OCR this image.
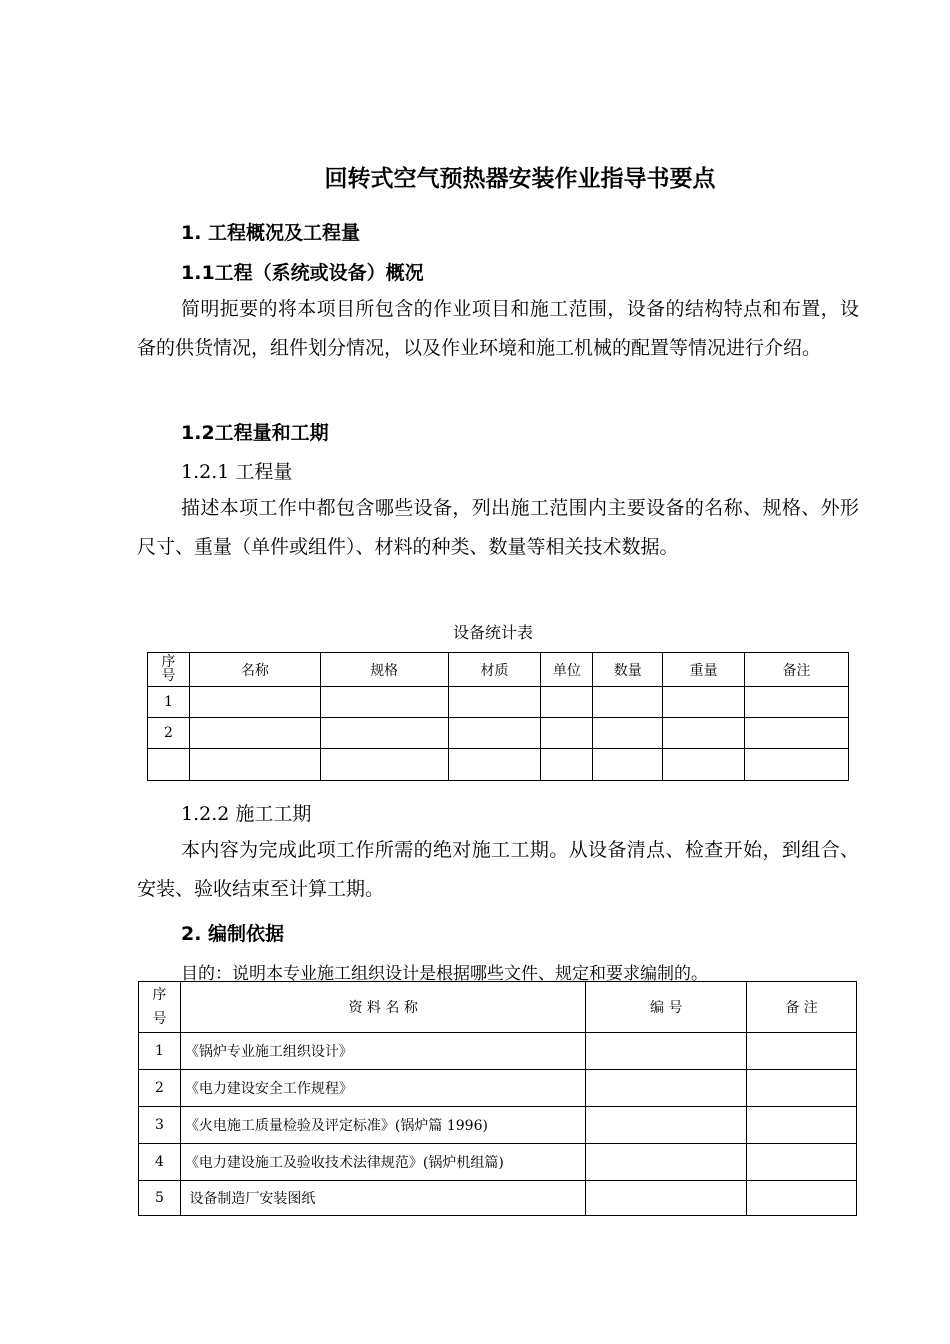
回转式空气预热器安装作业指导书要点
1. 工程概况及工程量
1.1工程（系统或设备）概况
简明扼要的将本项目所包含的作业项目和施工范围，设备的结构特点和布置，设备的供货情况，组件划分情况，以及作业环境和施工机械的配置等情况进行介绍。
1.2工程量和工期
1.2.1 工程量
描述本项工作中都包含哪些设备，列出施工范围内主要设备的名称、规格、外形尺寸、重量（单件或组件）、材料的种类、数量等相关技术数据。
设备统计表
序号	名称	规格	材质	单位	数量	重量	备注
1							
2							

1.2.2 施工工期
本内容为完成此项工作所需的绝对施工工期。从设备清点、检查开始，到组合、安装、验收结束至计算工期。
2. 编制依据
目的：说明本专业施工组织设计是根据哪些文件、规定和要求编制的。
序号	资 料 名 称	编 号	备 注
1	《锅炉专业施工组织设计》		
2	《电力建设安全工作规程》		
3	《火电施工质量检验及评定标准》(锅炉篇 1996)		
4	《电力建设施工及验收技术法律规范》(锅炉机组篇)		
5	设备制造厂安装图纸		
